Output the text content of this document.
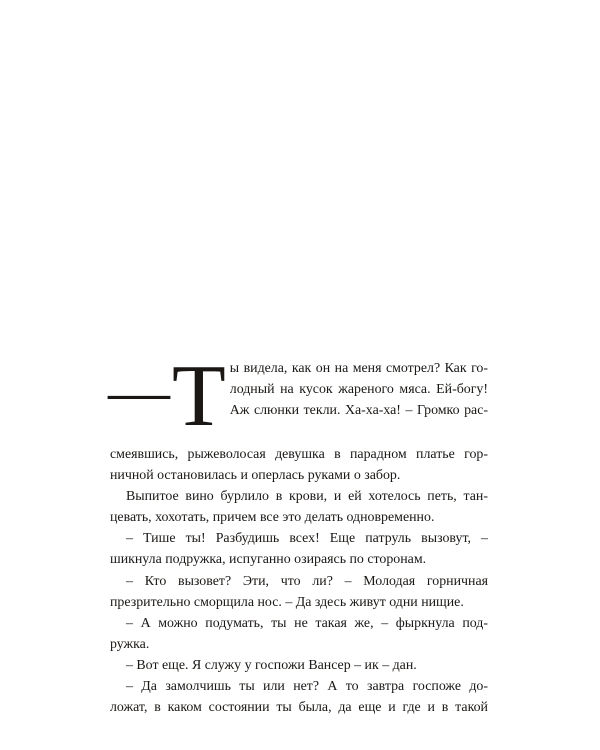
— Т ы видела, как он на меня смотрел? Как го-
лодный на кусок жареного мяса. Ей-богу!
Аж слюнки текли. Ха-ха-ха! – Громко рас-
смеявшись, рыжеволосая девушка в парадном платье гор-
ничной остановилась и оперлась руками о забор.
Выпитое вино бурлило в крови, и ей хотелось петь, тан-
цевать, хохотать, причем все это делать одновременно.
– Тише ты! Разбудишь всех! Еще патруль вызовут, –
шикнула подружка, испуганно озираясь по сторонам.
– Кто вызовет? Эти, что ли? – Молодая горничная
презрительно сморщила нос. – Да здесь живут одни нищие.
– А можно подумать, ты не такая же, – фыркнула под-
ружка.
– Вот еще. Я служу у госпожи Вансер – ик – дан.
– Да замолчишь ты или нет? А то завтра госпоже до-
ложат, в каком состоянии ты была, да еще и где и в такой
